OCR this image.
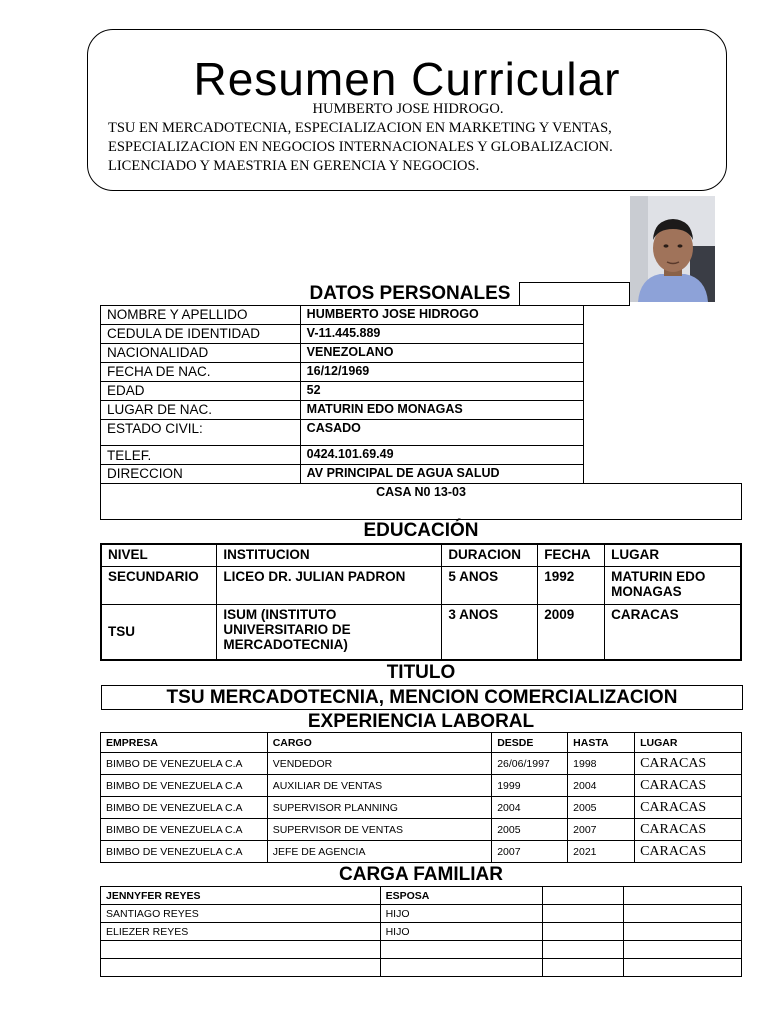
Resumen Curricular
HUMBERTO JOSE HIDROGO.
TSU EN MERCADOTECNIA, ESPECIALIZACION EN MARKETING Y VENTAS,
ESPECIALIZACION EN NEGOCIOS INTERNACIONALES Y GLOBALIZACION.
LICENCIADO Y MAESTRIA EN GERENCIA Y NEGOCIOS.
DATOS PERSONALES
NOMBRE Y APELLIDO	HUMBERTO JOSE HIDROGO
CEDULA DE IDENTIDAD	V-11.445.889
NACIONALIDAD	VENEZOLANO
FECHA DE NAC.	16/12/1969
EDAD	52
LUGAR DE NAC.	MATURIN EDO MONAGAS
ESTADO CIVIL:	CASADO
TELEF.	0424.101.69.49
DIRECCION	AV PRINCIPAL DE AGUA SALUD
CASA N0 13-03
EDUCACIÓN
NIVEL	INSTITUCION	DURACION	FECHA	LUGAR
SECUNDARIO	LICEO DR. JULIAN PADRON	5 ANOS	1992	MATURIN EDO MONAGAS
TSU	ISUM (INSTITUTO UNIVERSITARIO DE MERCADOTECNIA)	3 ANOS	2009	CARACAS
TITULO
TSU MERCADOTECNIA, MENCION COMERCIALIZACION
EXPERIENCIA LABORAL
EMPRESA	CARGO	DESDE	HASTA	LUGAR
BIMBO DE VENEZUELA C.A	VENDEDOR	26/06/1997	1998	CARACAS
BIMBO DE VENEZUELA C.A	AUXILIAR DE VENTAS	1999	2004	CARACAS
BIMBO DE VENEZUELA C.A	SUPERVISOR PLANNING	2004	2005	CARACAS
BIMBO DE VENEZUELA C.A	SUPERVISOR DE VENTAS	2005	2007	CARACAS
BIMBO DE VENEZUELA C.A	JEFE DE AGENCIA	2007	2021	CARACAS
CARGA FAMILIAR
JENNYFER REYES	ESPOSA		
SANTIAGO REYES	HIJO		
ELIEZER REYES	HIJO		
